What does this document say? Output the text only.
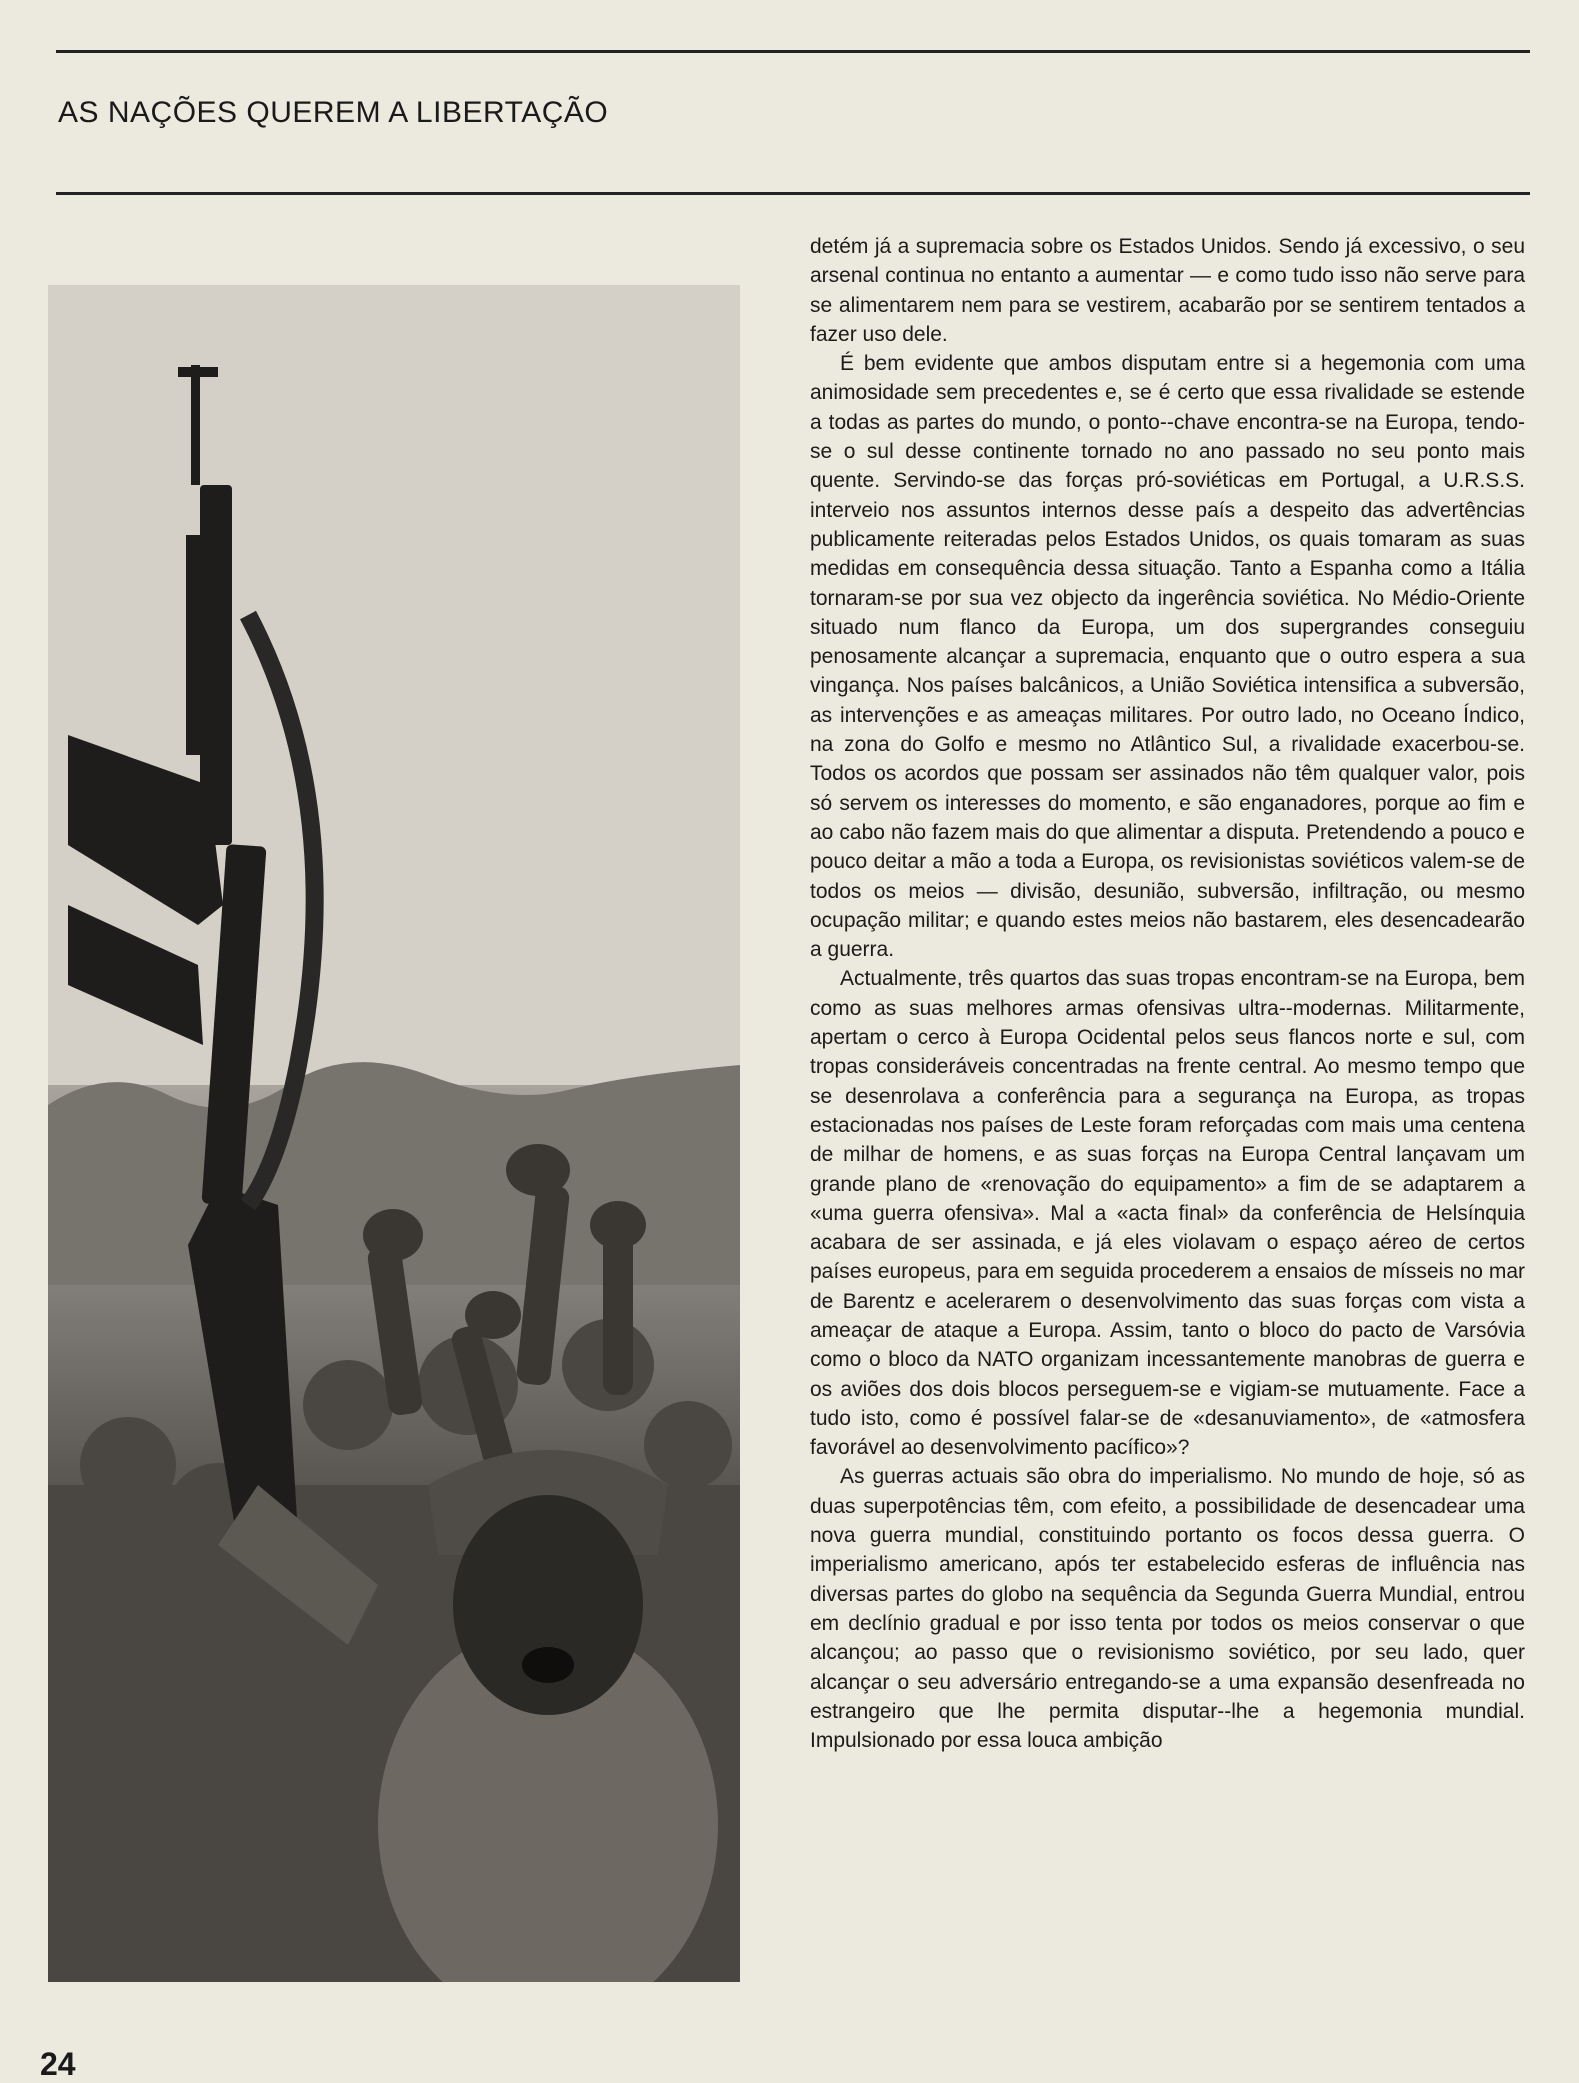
AS NAÇÕES QUEREM A LIBERTAÇÃO

detém já a supremacia sobre os Estados Unidos. Sendo já excessivo, o seu arsenal continua no entanto a aumentar — e como tudo isso não serve para se alimentarem nem para se vestirem, acabarão por se sentirem tentados a fazer uso dele.

É bem evidente que ambos disputam entre si a hegemonia com uma animosidade sem precedentes e, se é certo que essa rivalidade se estende a todas as partes do mundo, o ponto--chave encontra-se na Europa, tendo-se o sul desse continente tornado no ano passado no seu ponto mais quente. Servindo-se das forças pró-soviéticas em Portugal, a U.R.S.S. interveio nos assuntos internos desse país a despeito das advertências publicamente reiteradas pelos Estados Unidos, os quais tomaram as suas medidas em consequência dessa situação. Tanto a Espanha como a Itália tornaram-se por sua vez objecto da ingerência soviética. No Médio-Oriente situado num flanco da Europa, um dos supergrandes conseguiu penosamente alcançar a supremacia, enquanto que o outro espera a sua vingança. Nos países balcânicos, a União Soviética intensifica a subversão, as intervenções e as ameaças militares. Por outro lado, no Oceano Índico, na zona do Golfo e mesmo no Atlântico Sul, a rivalidade exacerbou-se. Todos os acordos que possam ser assinados não têm qualquer valor, pois só servem os interesses do momento, e são enganadores, porque ao fim e ao cabo não fazem mais do que alimentar a disputa. Pretendendo a pouco e pouco deitar a mão a toda a Europa, os revisionistas soviéticos valem-se de todos os meios — divisão, desunião, subversão, infiltração, ou mesmo ocupação militar; e quando estes meios não bastarem, eles desencadearão a guerra.

Actualmente, três quartos das suas tropas encontram-se na Europa, bem como as suas melhores armas ofensivas ultra--modernas. Militarmente, apertam o cerco à Europa Ocidental pelos seus flancos norte e sul, com tropas consideráveis concentradas na frente central. Ao mesmo tempo que se desenrolava a conferência para a segurança na Europa, as tropas estacionadas nos países de Leste foram reforçadas com mais uma centena de milhar de homens, e as suas forças na Europa Central lançavam um grande plano de «renovação do equipamento» a fim de se adaptarem a «uma guerra ofensiva». Mal a «acta final» da conferência de Helsínquia acabara de ser assinada, e já eles violavam o espaço aéreo de certos países europeus, para em seguida procederem a ensaios de mísseis no mar de Barentz e acelerarem o desenvolvimento das suas forças com vista a ameaçar de ataque a Europa. Assim, tanto o bloco do pacto de Varsóvia como o bloco da NATO organizam incessantemente manobras de guerra e os aviões dos dois blocos perseguem-se e vigiam-se mutuamente. Face a tudo isto, como é possível falar-se de «desanuviamento», de «atmosfera favorável ao desenvolvimento pacífico»?

As guerras actuais são obra do imperialismo. No mundo de hoje, só as duas superpotências têm, com efeito, a possibilidade de desencadear uma nova guerra mundial, constituindo portanto os focos dessa guerra. O imperialismo americano, após ter estabelecido esferas de influência nas diversas partes do globo na sequência da Segunda Guerra Mundial, entrou em declínio gradual e por isso tenta por todos os meios conservar o que alcançou; ao passo que o revisionismo soviético, por seu lado, quer alcançar o seu adversário entregando-se a uma expansão desenfreada no estrangeiro que lhe permita disputar--lhe a hegemonia mundial. Impulsionado por essa louca ambição

24
